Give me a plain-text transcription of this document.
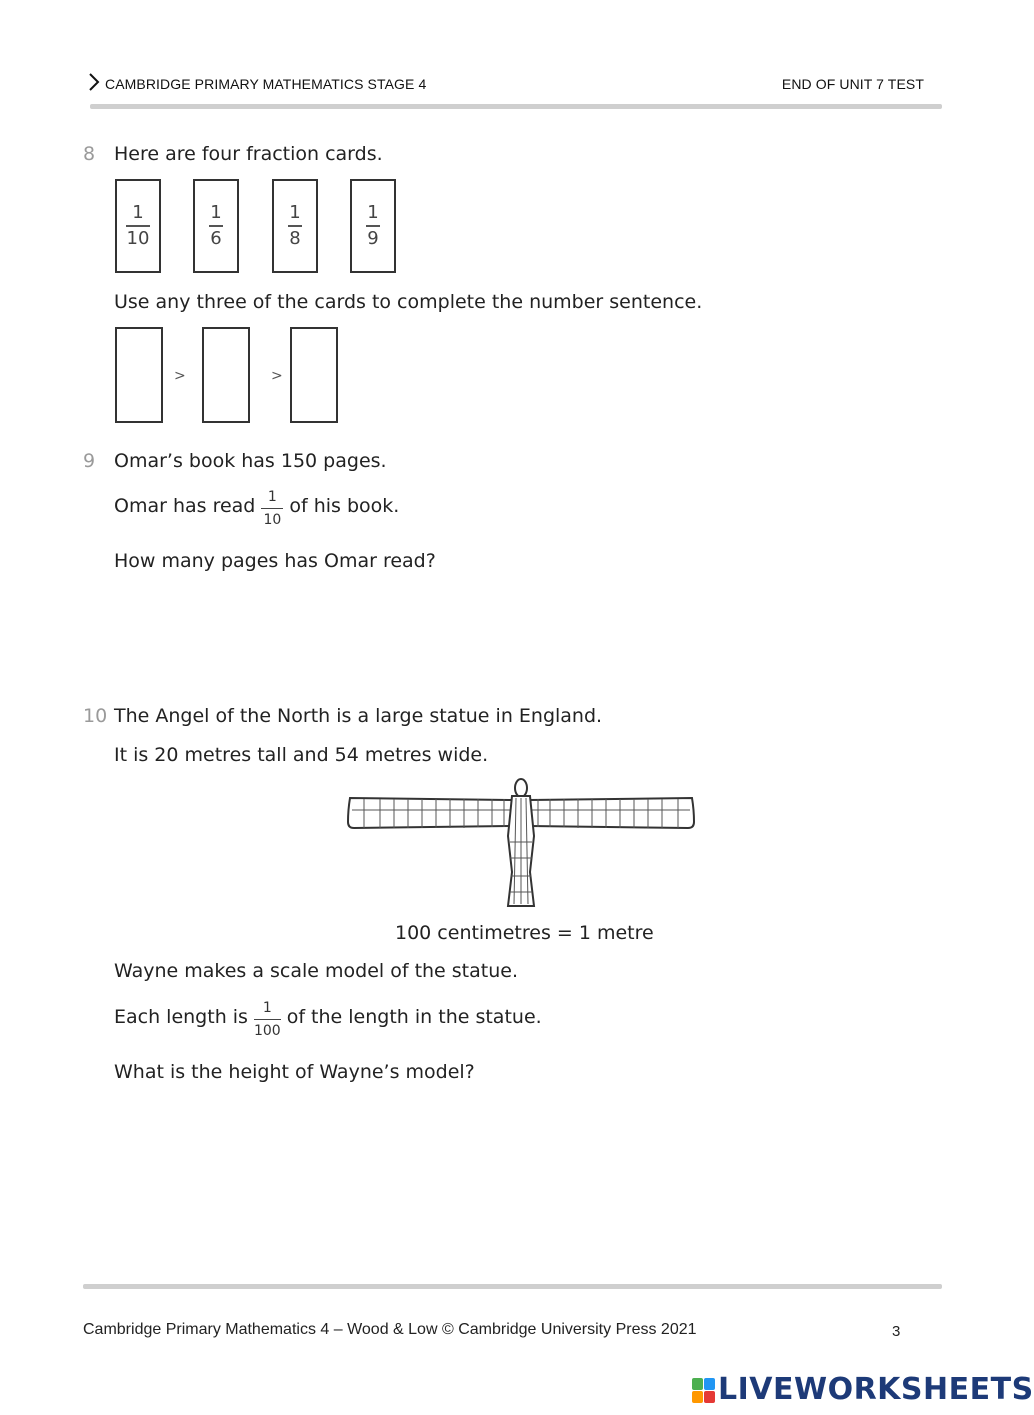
CAMBRIDGE PRIMARY MATHEMATICS STAGE 4	END OF UNIT 7 TEST
8 Here are four fraction cards.
$\frac{1}{10}$	$\frac{1}{6}$	$\frac{1}{8}$	$\frac{1}{9}$
Use any three of the cards to complete the number sentence.
>	>
9 Omar’s book has 150 pages.
Omar has read $\frac{1}{10}$ of his book.
How many pages has Omar read?
10 The Angel of the North is a large statue in England.
It is 20 metres tall and 54 metres wide.
100 centimetres = 1 metre
Wayne makes a scale model of the statue.
Each length is $\frac{1}{100}$ of the length in the statue.
What is the height of Wayne’s model?
Cambridge Primary Mathematics 4 – Wood & Low © Cambridge University Press 2021	3
LIVEWORKSHEETS
